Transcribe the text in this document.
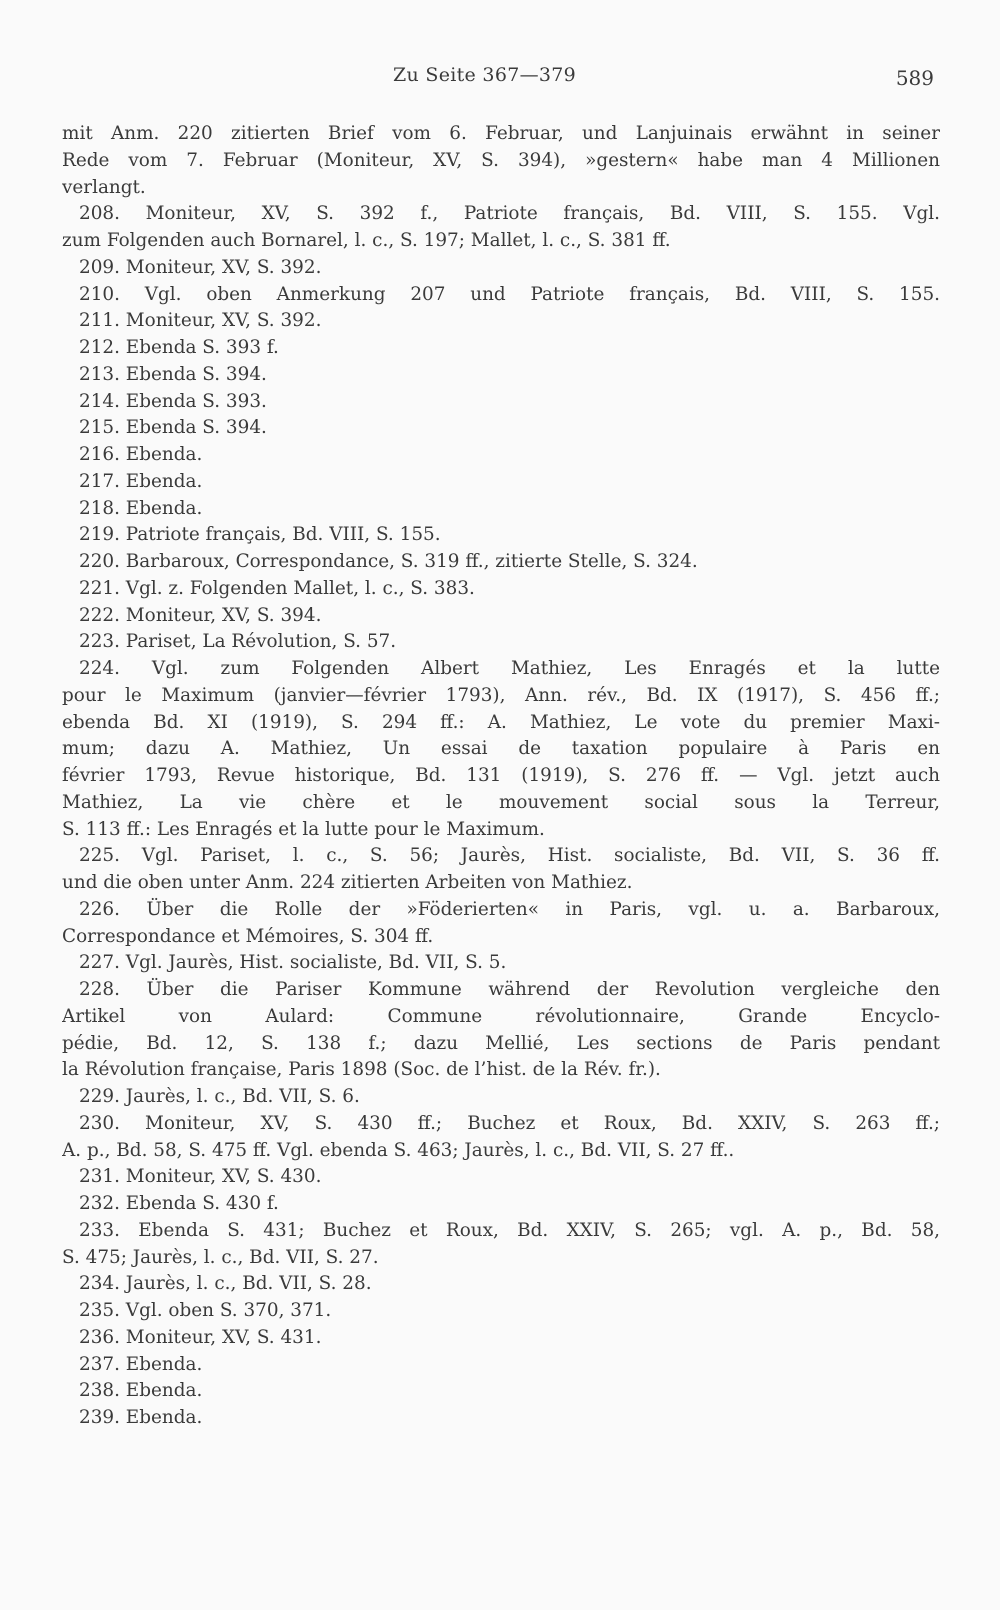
Zu Seite 367—379	589
mit Anm. 220 zitierten Brief vom 6. Februar, und Lanjuinais erwähnt in seiner
Rede vom 7. Februar (Moniteur, XV, S. 394), »gestern« habe man 4 Millionen
verlangt.
208. Moniteur, XV, S. 392 f., Patriote français, Bd. VIII, S. 155. Vgl.
zum Folgenden auch Bornarel, l. c., S. 197; Mallet, l. c., S. 381 ff.
209. Moniteur, XV, S. 392.
210. Vgl. oben Anmerkung 207 und Patriote français, Bd. VIII, S. 155.
211. Moniteur, XV, S. 392.
212. Ebenda S. 393 f.
213. Ebenda S. 394.
214. Ebenda S. 393.
215. Ebenda S. 394.
216. Ebenda.
217. Ebenda.
218. Ebenda.
219. Patriote français, Bd. VIII, S. 155.
220. Barbaroux, Correspondance, S. 319 ff., zitierte Stelle, S. 324.
221. Vgl. z. Folgenden Mallet, l. c., S. 383.
222. Moniteur, XV, S. 394.
223. Pariset, La Révolution, S. 57.
224. Vgl. zum Folgenden Albert Mathiez, Les Enragés et la lutte
pour le Maximum (janvier—février 1793), Ann. rév., Bd. IX (1917), S. 456 ff.;
ebenda Bd. XI (1919), S. 294 ff.: A. Mathiez, Le vote du premier Maxi-
mum; dazu A. Mathiez, Un essai de taxation populaire à Paris en
février 1793, Revue historique, Bd. 131 (1919), S. 276 ff. — Vgl. jetzt auch
Mathiez, La vie chère et le mouvement social sous la Terreur,
S. 113 ff.: Les Enragés et la lutte pour le Maximum.
225. Vgl. Pariset, l. c., S. 56; Jaurès, Hist. socialiste, Bd. VII, S. 36 ff.
und die oben unter Anm. 224 zitierten Arbeiten von Mathiez.
226. Über die Rolle der »Föderierten« in Paris, vgl. u. a. Barbaroux,
Correspondance et Mémoires, S. 304 ff.
227. Vgl. Jaurès, Hist. socialiste, Bd. VII, S. 5.
228. Über die Pariser Kommune während der Revolution vergleiche den
Artikel von Aulard: Commune révolutionnaire, Grande Encyclo-
pédie, Bd. 12, S. 138 f.; dazu Mellié, Les sections de Paris pendant
la Révolution française, Paris 1898 (Soc. de l’hist. de la Rév. fr.).
229. Jaurès, l. c., Bd. VII, S. 6.
230. Moniteur, XV, S. 430 ff.; Buchez et Roux, Bd. XXIV, S. 263 ff.;
A. p., Bd. 58, S. 475 ff. Vgl. ebenda S. 463; Jaurès, l. c., Bd. VII, S. 27 ff..
231. Moniteur, XV, S. 430.
232. Ebenda S. 430 f.
233. Ebenda S. 431; Buchez et Roux, Bd. XXIV, S. 265; vgl. A. p., Bd. 58,
S. 475; Jaurès, l. c., Bd. VII, S. 27.
234. Jaurès, l. c., Bd. VII, S. 28.
235. Vgl. oben S. 370, 371.
236. Moniteur, XV, S. 431.
237. Ebenda.
238. Ebenda.
239. Ebenda.
